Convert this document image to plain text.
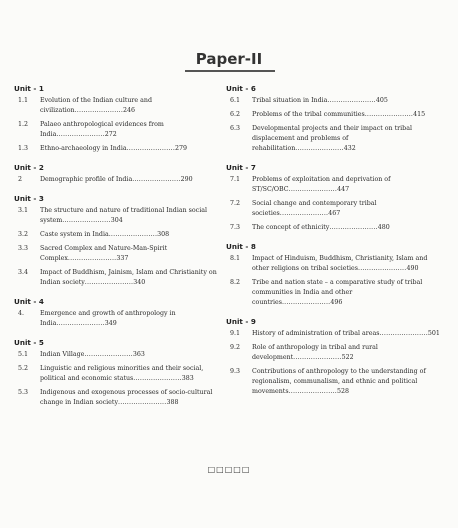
Paper-II
Unit - 1
1.1	Evolution of the Indian culture and civilization......................246
1.2	Palaeo anthropological evidences from India......................272
1.3	Ethno-archaeology in India......................279
Unit - 2
2	Demographic profile of India......................290
Unit - 3
3.1	The structure and nature of traditional Indian social system......................304
3.2	Caste system in India......................308
3.3	Sacred Complex and Nature-Man-Spirit Complex......................337
3.4	Impact of Buddhism, Jainism, Islam and Christianity on Indian society......................340
Unit - 4
4.	Emergence and growth of anthropology in India......................349
Unit - 5
5.1	Indian Village......................363
5.2	Linguistic and religious minorities and their social, political and economic status......................383
5.3	Indigenous and exogenous processes of socio-cultural change in Indian society......................388
Unit - 6
6.1	Tribal situation in India......................405
6.2	Problems of the tribal communities......................415
6.3	Developmental projects and their impact on tribal displacement and problems of rehabilitation......................432
Unit - 7
7.1	Problems of exploitation and deprivation of ST/SC/OBC......................447
7.2	Social change and contemporary tribal societies......................467
7.3	The concept of ethnicity......................480
Unit - 8
8.1	Impact of Hinduism, Buddhism, Christianity, Islam and other religions on tribal societies......................490
8.2	Tribe and nation state – a comparative study of tribal communities in India and other countries......................496
Unit - 9
9.1	History of administration of tribal areas......................501
9.2	Role of anthropology in tribal and rural development......................522
9.3	Contributions of anthropology to the understanding of regionalism, communalism, and ethnic and political movements......................528
□□□□□
